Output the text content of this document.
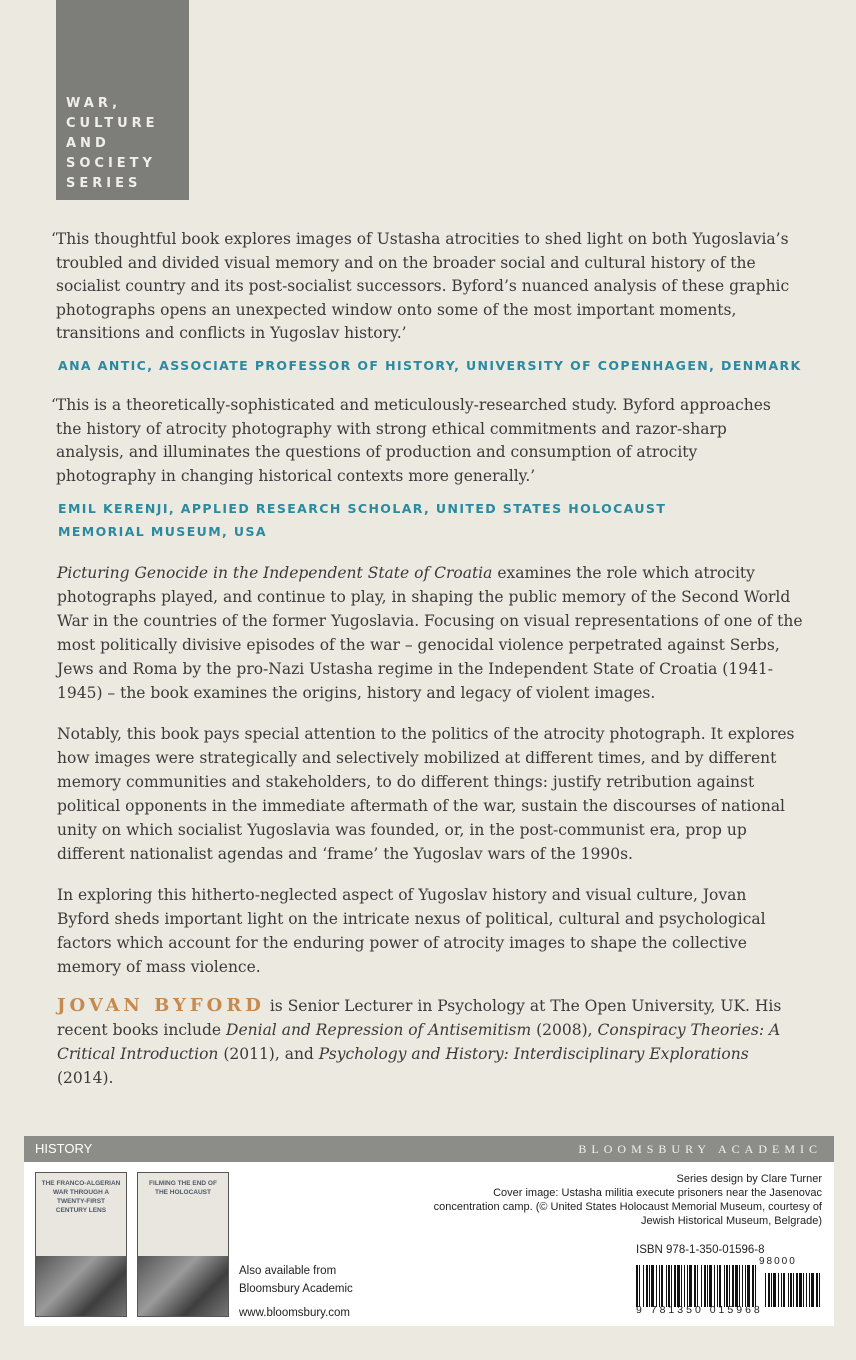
WAR,
CULTURE
AND
SOCIETY
SERIES

‘This thoughtful book explores images of Ustasha atrocities to shed light on both Yugoslavia’s troubled and divided visual memory and on the broader social and cultural history of the socialist country and its post-socialist successors. Byford’s nuanced analysis of these graphic photographs opens an unexpected window onto some of the most important moments, transitions and conflicts in Yugoslav history.’

ANA ANTIC, ASSOCIATE PROFESSOR OF HISTORY, UNIVERSITY OF COPENHAGEN, DENMARK

‘This is a theoretically-sophisticated and meticulously-researched study. Byford approaches the history of atrocity photography with strong ethical commitments and razor-sharp analysis, and illuminates the questions of production and consumption of atrocity photography in changing historical contexts more generally.’

EMIL KERENJI, APPLIED RESEARCH SCHOLAR, UNITED STATES HOLOCAUST MEMORIAL MUSEUM, USA

Picturing Genocide in the Independent State of Croatia examines the role which atrocity photographs played, and continue to play, in shaping the public memory of the Second World War in the countries of the former Yugoslavia. Focusing on visual representations of one of the most politically divisive episodes of the war – genocidal violence perpetrated against Serbs, Jews and Roma by the pro-Nazi Ustasha regime in the Independent State of Croatia (1941-1945) – the book examines the origins, history and legacy of violent images.

Notably, this book pays special attention to the politics of the atrocity photograph. It explores how images were strategically and selectively mobilized at different times, and by different memory communities and stakeholders, to do different things: justify retribution against political opponents in the immediate aftermath of the war, sustain the discourses of national unity on which socialist Yugoslavia was founded, or, in the post-communist era, prop up different nationalist agendas and ‘frame’ the Yugoslav wars of the 1990s.

In exploring this hitherto-neglected aspect of Yugoslav history and visual culture, Jovan Byford sheds important light on the intricate nexus of political, cultural and psychological factors which account for the enduring power of atrocity images to shape the collective memory of mass violence.

JOVAN BYFORD is Senior Lecturer in Psychology at The Open University, UK. His recent books include Denial and Repression of Antisemitism (2008), Conspiracy Theories: A Critical Introduction (2011), and Psychology and History: Interdisciplinary Explorations (2014).

HISTORY	BLOOMSBURY ACADEMIC
THE FRANCO-ALGERIAN WAR THROUGH A TWENTY-FIRST CENTURY LENS
FILMING THE END OF THE HOLOCAUST
Also available from
Bloomsbury Academic
www.bloomsbury.com
Series design by Clare Turner
Cover image: Ustasha militia execute prisoners near the Jasenovac concentration camp. (© United States Holocaust Memorial Museum, courtesy of Jewish Historical Museum, Belgrade)
ISBN 978-1-350-01596-8
98000
9 781350 015968
